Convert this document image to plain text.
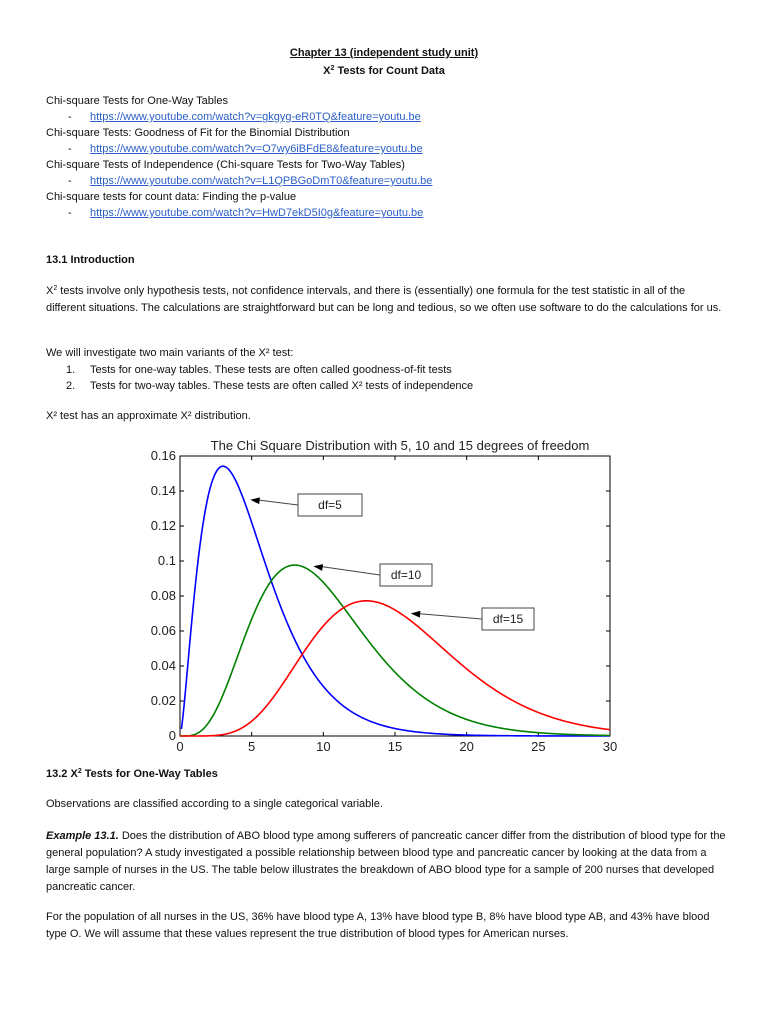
Chapter 13 (independent study unit)
$X^2$ Tests for Count Data
Chi-square Tests for One-Way Tables
- https://www.youtube.com/watch?v=gkgyg-eR0TQ&feature=youtu.be
Chi-square Tests: Goodness of Fit for the Binomial Distribution
- https://www.youtube.com/watch?v=O7wy6iBFdE8&feature=youtu.be
Chi-square Tests of Independence (Chi-square Tests for Two-Way Tables)
- https://www.youtube.com/watch?v=L1QPBGoDmT0&feature=youtu.be
Chi-square tests for count data: Finding the p-value
- https://www.youtube.com/watch?v=HwD7ekD5I0g&feature=youtu.be
13.1 Introduction
$X^2$ tests involve only hypothesis tests, not confidence intervals, and there is (essentially) one formula for the test statistic in all of the different situations. The calculations are straightforward but can be long and tedious, so we often use software to do the calculations for us.
We will investigate two main variants of the X² test:
1. Tests for one-way tables. These tests are often called goodness-of-fit tests
2. Tests for two-way tables. These tests are often called X² tests of independence
X² test has an approximate X² distribution.
The Chi Square Distribution with 5, 10 and 15 degrees of freedom
0	5	10	15	20	25	30
0
0.02
0.04
0.06
0.08
0.1
0.12
0.14
0.16
df=5
df=10
df=15
13.2 $X^2$ Tests for One-Way Tables
Observations are classified according to a single categorical variable.
Example 13.1. Does the distribution of ABO blood type among sufferers of pancreatic cancer differ from the distribution of blood type for the general population? A study investigated a possible relationship between blood type and pancreatic cancer by looking at the data from a large sample of nurses in the US. The table below illustrates the breakdown of ABO blood type for a sample of 200 nurses that developed pancreatic cancer.
For the population of all nurses in the US, 36% have blood type A, 13% have blood type B, 8% have blood type AB, and 43% have blood type O. We will assume that these values represent the true distribution of blood types for American nurses.
